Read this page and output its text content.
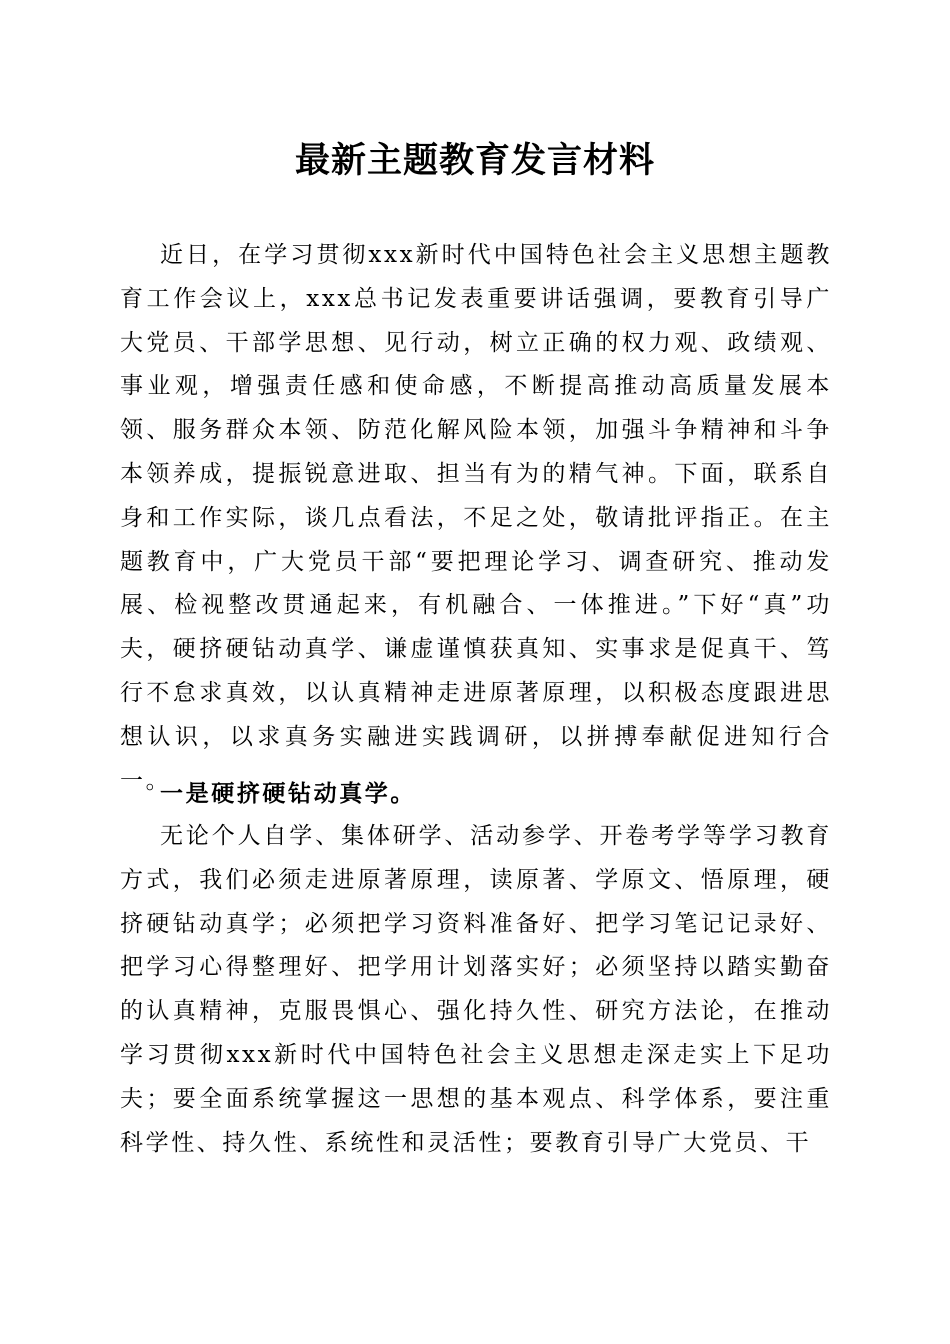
最新主题教育发言材料
近日，在学习贯彻xxx新时代中国特色社会主义思想主题教育工作会议上，xxx总书记发表重要讲话强调，要教育引导广大党员、干部学思想、见行动，树立正确的权力观、政绩观、事业观，增强责任感和使命感，不断提高推动高质量发展本领、服务群众本领、防范化解风险本领，加强斗争精神和斗争本领养成，提振锐意进取、担当有为的精气神。下面，联系自身和工作实际，谈几点看法，不足之处，敬请批评指正。在主题教育中，广大党员干部“要把理论学习、调查研究、推动发展、检视整改贯通起来，有机融合、一体推进。”下好“真”功夫，硬挤硬钻动真学、谦虚谨慎获真知、实事求是促真干、笃行不怠求真效，以认真精神走进原著原理，以积极态度跟进思想认识，以求真务实融进实践调研，以拼搏奉献促进知行合一。
一是硬挤硬钻动真学。
无论个人自学、集体研学、活动参学、开卷考学等学习教育方式，我们必须走进原著原理，读原著、学原文、悟原理，硬挤硬钻动真学；必须把学习资料准备好、把学习笔记记录好、把学习心得整理好、把学用计划落实好；必须坚持以踏实勤奋的认真精神，克服畏惧心、强化持久性、研究方法论，在推动学习贯彻xxx新时代中国特色社会主义思想走深走实上下足功夫；要全面系统掌握这一思想的基本观点、科学体系，要注重科学性、持久性、系统性和灵活性；要教育引导广大党员、干
